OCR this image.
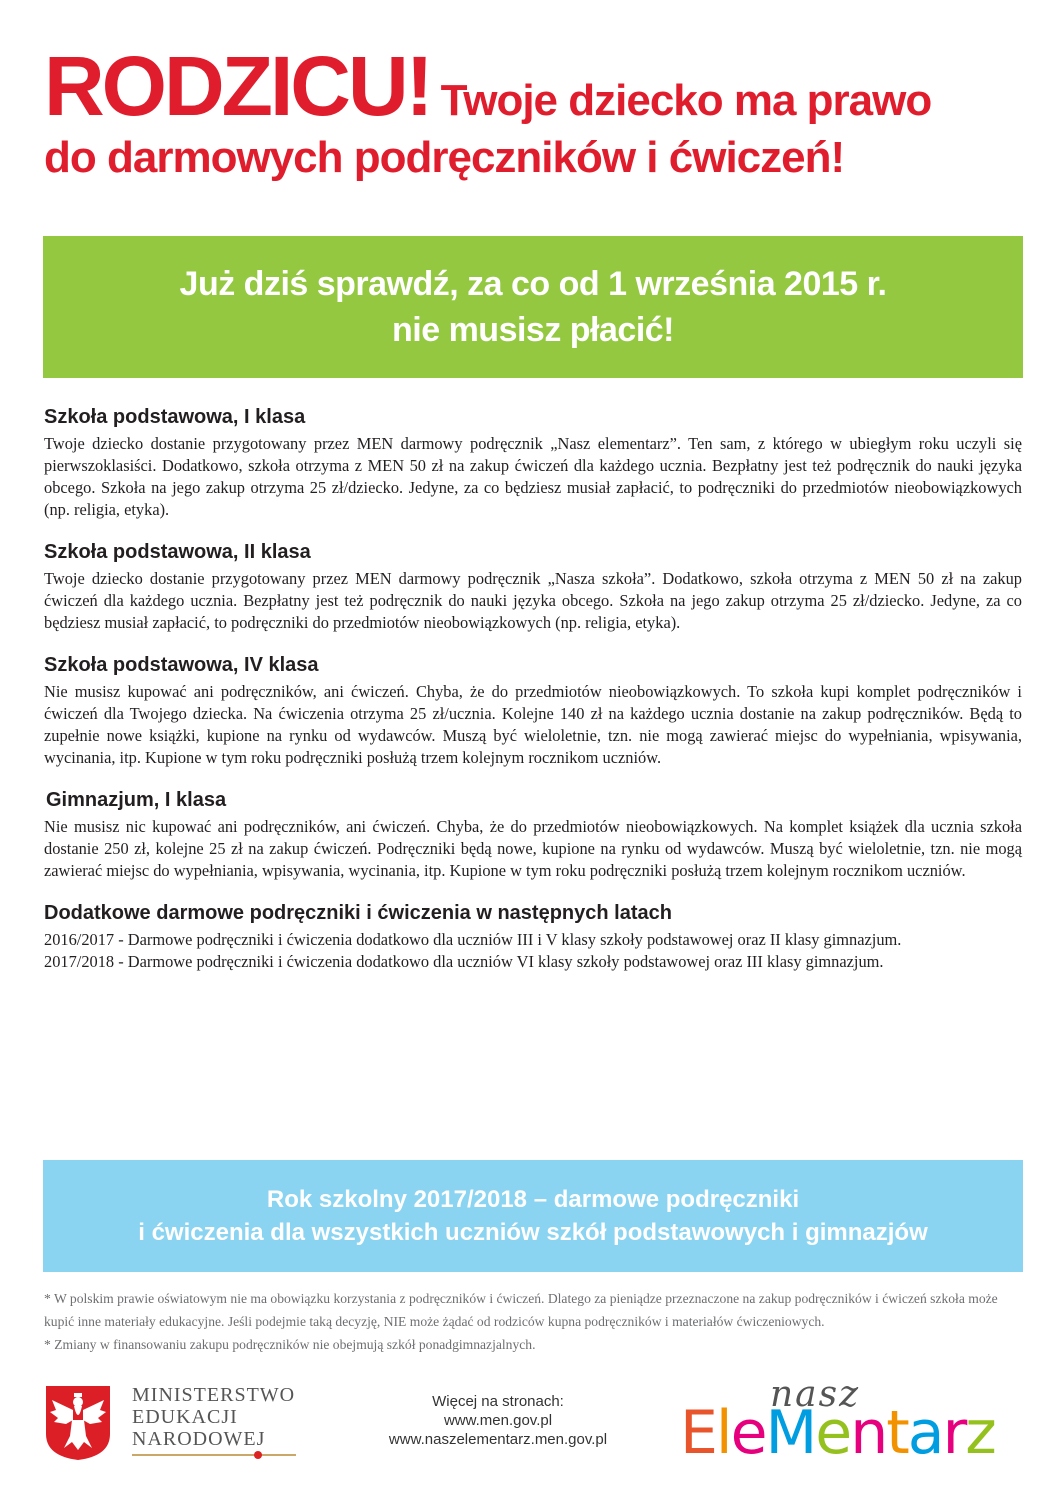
RODZICU! Twoje dziecko ma prawo
do darmowych podręczników i ćwiczeń!
Już dziś sprawdź, za co od 1 września 2015 r.
nie musisz płacić!
Szkoła podstawowa, I klasa

Twoje dziecko dostanie przygotowany przez MEN darmowy podręcznik „Nasz elementarz”. Ten sam, z którego w ubiegłym roku uczyli się pierwszoklasiści. Dodatkowo, szkoła otrzyma z MEN 50 zł na zakup ćwiczeń dla każdego ucznia. Bezpłatny jest też podręcznik do nauki języka obcego. Szkoła na jego zakup otrzyma 25 zł/dziecko. Jedyne, za co będziesz musiał zapłacić, to podręczniki do przedmiotów nieobowiązkowych (np. religia, etyka).

Szkoła podstawowa, II klasa

Twoje dziecko dostanie przygotowany przez MEN darmowy podręcznik „Nasza szkoła”. Dodatkowo, szkoła otrzyma z MEN 50 zł na zakup ćwiczeń dla każdego ucznia. Bezpłatny jest też podręcznik do nauki języka obcego. Szkoła na jego zakup otrzyma 25 zł/dziecko. Jedyne, za co będziesz musiał zapłacić, to podręczniki do przedmiotów nieobowiązkowych (np. religia, etyka).

Szkoła podstawowa, IV klasa

Nie musisz kupować ani podręczników, ani ćwiczeń. Chyba, że do przedmiotów nieobowiązkowych. To szkoła kupi komplet podręczników i ćwiczeń dla Twojego dziecka. Na ćwiczenia otrzyma 25 zł/ucznia. Kolejne 140 zł na każdego ucznia dostanie na zakup podręczników. Będą to zupełnie nowe książki, kupione na rynku od wydawców. Muszą być wieloletnie, tzn. nie mogą zawierać miejsc do wypełniania, wpisywania, wycinania, itp. Kupione w tym roku podręczniki posłużą trzem kolejnym rocznikom uczniów.

Gimnazjum, I klasa

Nie musisz nic kupować ani podręczników, ani ćwiczeń. Chyba, że do przedmiotów nieobowiązkowych. Na komplet książek dla ucznia szkoła dostanie 250 zł, kolejne 25 zł na zakup ćwiczeń. Podręczniki będą nowe, kupione na rynku od wydawców. Muszą być wieloletnie, tzn. nie mogą zawierać miejsc do wypełniania, wpisywania, wycinania, itp. Kupione w tym roku podręczniki posłużą trzem kolejnym rocznikom uczniów.

Dodatkowe darmowe podręczniki i ćwiczenia w następnych latach

2016/2017 - Darmowe podręczniki i ćwiczenia dodatkowo dla uczniów III i V klasy szkoły podstawowej oraz II klasy gimnazjum.

2017/2018 - Darmowe podręczniki i ćwiczenia dodatkowo dla uczniów VI klasy szkoły podstawowej oraz III klasy gimnazjum.

Rok szkolny 2017/2018 – darmowe podręczniki
i ćwiczenia dla wszystkich uczniów szkół podstawowych i gimnazjów

* W polskim prawie oświatowym nie ma obowiązku korzystania z podręczników i ćwiczeń. Dlatego za pieniądze przeznaczone na zakup podręczników i ćwiczeń szkoła może kupić inne materiały edukacyjne. Jeśli podejmie taką decyzję, NIE może żądać od rodziców kupna podręczników i materiałów ćwiczeniowych.

* Zmiany w finansowaniu zakupu podręczników nie obejmują szkół ponadgimnazjalnych.

MINISTERSTWO
EDUKACJI
NARODOWEJ
Więcej na stronach:
www.men.gov.pl
www.naszelementarz.men.gov.pl
nasz
EleMentarz
